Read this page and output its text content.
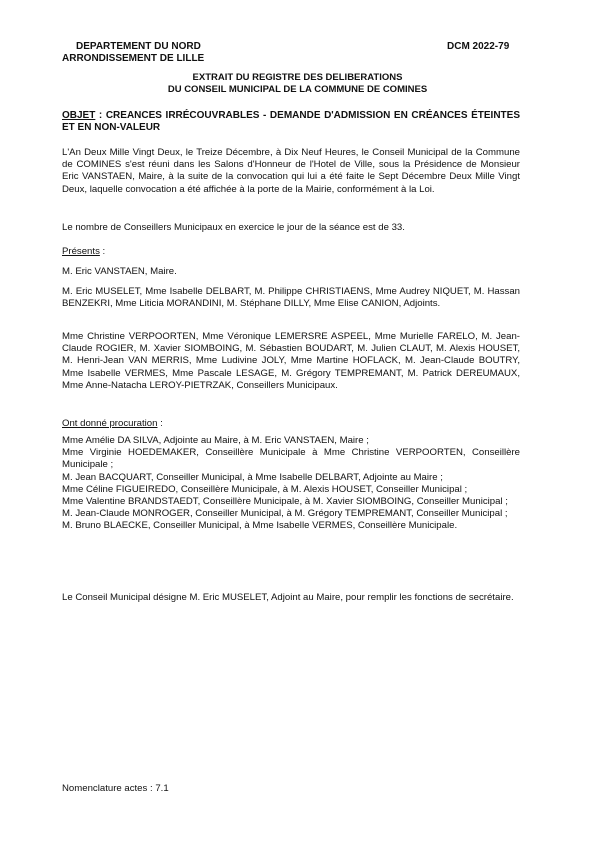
DEPARTEMENT DU NORD
ARRONDISSEMENT DE LILLE
DCM 2022-79
EXTRAIT DU REGISTRE DES DELIBERATIONS
DU CONSEIL MUNICIPAL DE LA COMMUNE DE COMINES
OBJET : CREANCES IRRÉCOUVRABLES - DEMANDE D'ADMISSION EN CRÉANCES ÉTEINTES ET EN NON-VALEUR
L'An Deux Mille Vingt Deux, le Treize Décembre, à Dix Neuf Heures, le Conseil Municipal de la Commune de COMINES s'est réuni dans les Salons d'Honneur de l'Hotel de Ville, sous la Présidence de Monsieur Eric VANSTAEN, Maire, à la suite de la convocation qui lui a été faite le Sept Décembre Deux Mille Vingt Deux, laquelle convocation a été affichée à la porte de la Mairie, conformément à la Loi.
Le nombre de Conseillers Municipaux en exercice le jour de la séance est de 33.
Présents :
M. Eric VANSTAEN, Maire.
M. Eric MUSELET, Mme Isabelle DELBART, M. Philippe CHRISTIAENS, Mme Audrey NIQUET, M. Hassan BENZEKRI, Mme Liticia MORANDINI, M. Stéphane DILLY, Mme Elise CANION, Adjoints.
Mme Christine VERPOORTEN, Mme Véronique LEMERSRE ASPEEL, Mme Murielle FARELO, M. Jean-Claude ROGIER, M. Xavier SIOMBOING, M. Sébastien BOUDART, M. Julien CLAUT, M. Alexis HOUSET, M. Henri-Jean VAN MERRIS, Mme Ludivine JOLY, Mme Martine HOFLACK, M. Jean-Claude BOUTRY, Mme Isabelle VERMES, Mme Pascale LESAGE, M. Grégory TEMPREMANT, M. Patrick DEREUMAUX, Mme Anne-Natacha LEROY-PIETRZAK, Conseillers Municipaux.
Ont donné procuration :
Mme Amélie DA SILVA, Adjointe au Maire, à M. Eric VANSTAEN, Maire ;
Mme Virginie HOEDEMAKER, Conseillère Municipale à Mme Christine VERPOORTEN, Conseillère Municipale ;
M. Jean BACQUART, Conseiller Municipal, à Mme Isabelle DELBART, Adjointe au Maire ;
Mme Céline FIGUEIREDO, Conseillère Municipale, à M. Alexis HOUSET, Conseiller Municipal ;
Mme Valentine BRANDSTAEDT, Conseillère Municipale, à M. Xavier SIOMBOING, Conseiller Municipal ;
M. Jean-Claude MONROGER, Conseiller Municipal, à M. Grégory TEMPREMANT, Conseiller Municipal ;
M. Bruno BLAECKE, Conseiller Municipal, à Mme Isabelle VERMES, Conseillère Municipale.
Le Conseil Municipal désigne M. Eric MUSELET, Adjoint au Maire, pour remplir les fonctions de secrétaire.
Nomenclature actes : 7.1
